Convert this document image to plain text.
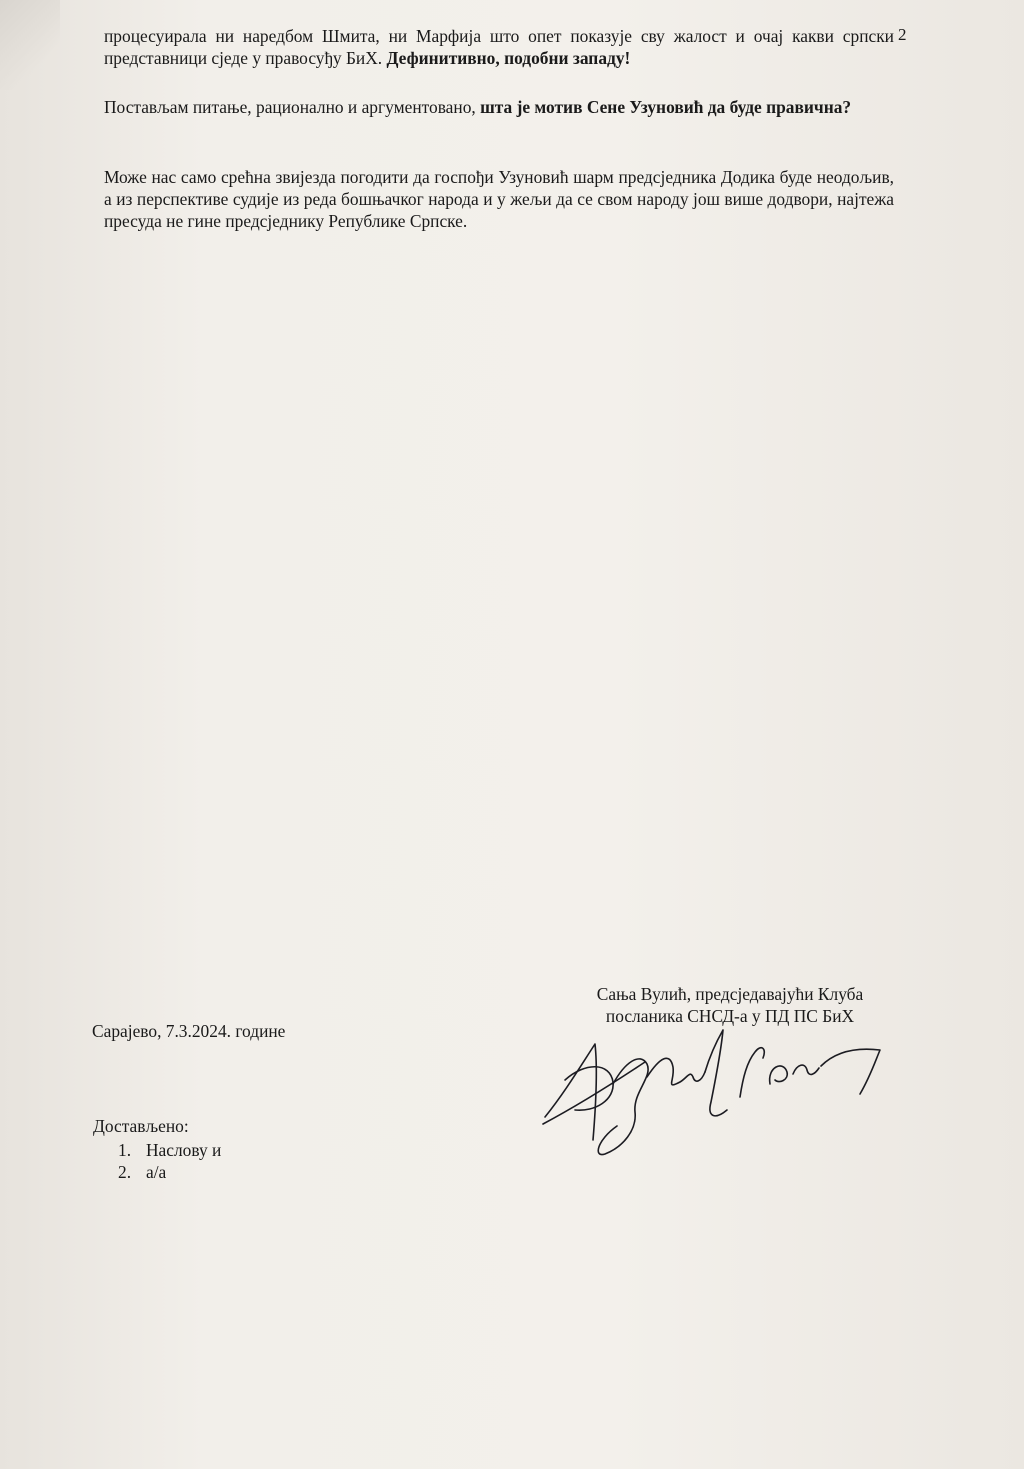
2

процесуирала ни наредбом Шмита, ни Марфија што опет показује сву жалост и очај какви српски представници сједе у правосуђу БиХ. Дефинитивно, подобни западу!

Постављам питање, рационално и аргументовано, шта је мотив Сене Узуновић да буде правична?

Може нас само срећна звијезда погодити да госпођи Узуновић шарм предсједника Додика буде неодољив, а из перспективе судије из реда бошњачког народа и у жељи да се свом народу још више додвори, најтежа пресуда не гине предсједнику Републике Српске.

Сања Вулић, предсједавајући Клуба
посланика СНСД-а у ПД ПС БиХ
Сарајево, 7.3.2024. године
Достављено:
1. Наслову и
2. а/а
